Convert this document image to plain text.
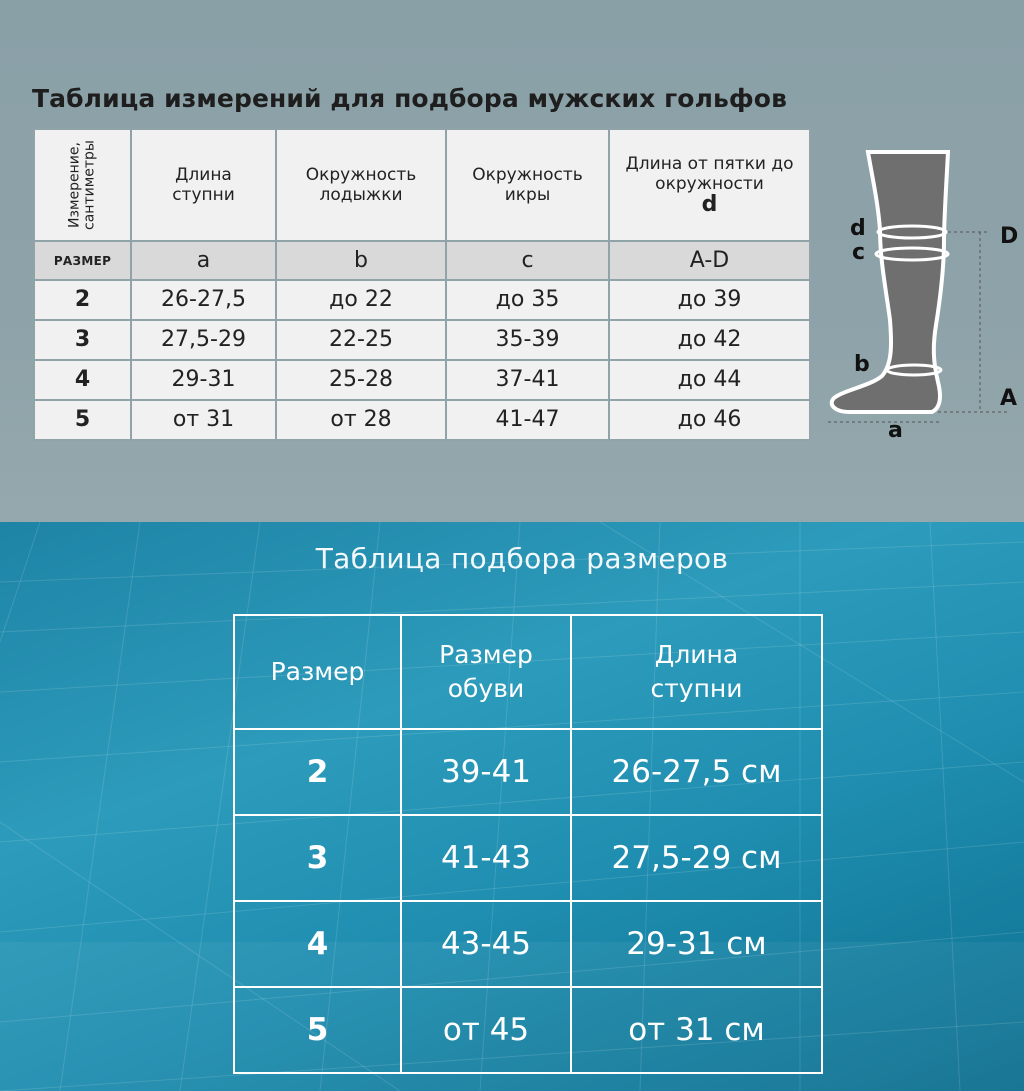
Таблица измерений для подбора мужских гольфов
Измерение, сантиметры	Длина ступни	Окружность лодыжки	Окружность икры	Длина от пятки до окружности
d

РАЗМЕР	a	b	c	A-D
2	26-27,5	до 22	до 35	до 39
3	27,5-29	22-25	35-39	до 42
4	29-31	25-28	37-41	до 44
5	от 31	от 28	41-47	до 46
d
c
b
a
D
A
Таблица подбора размеров
Размер	Размер обуви	Длина ступни
2	39-41	26-27,5 см
3	41-43	27,5-29 см
4	43-45	29-31 см
5	от 45	от 31 см
